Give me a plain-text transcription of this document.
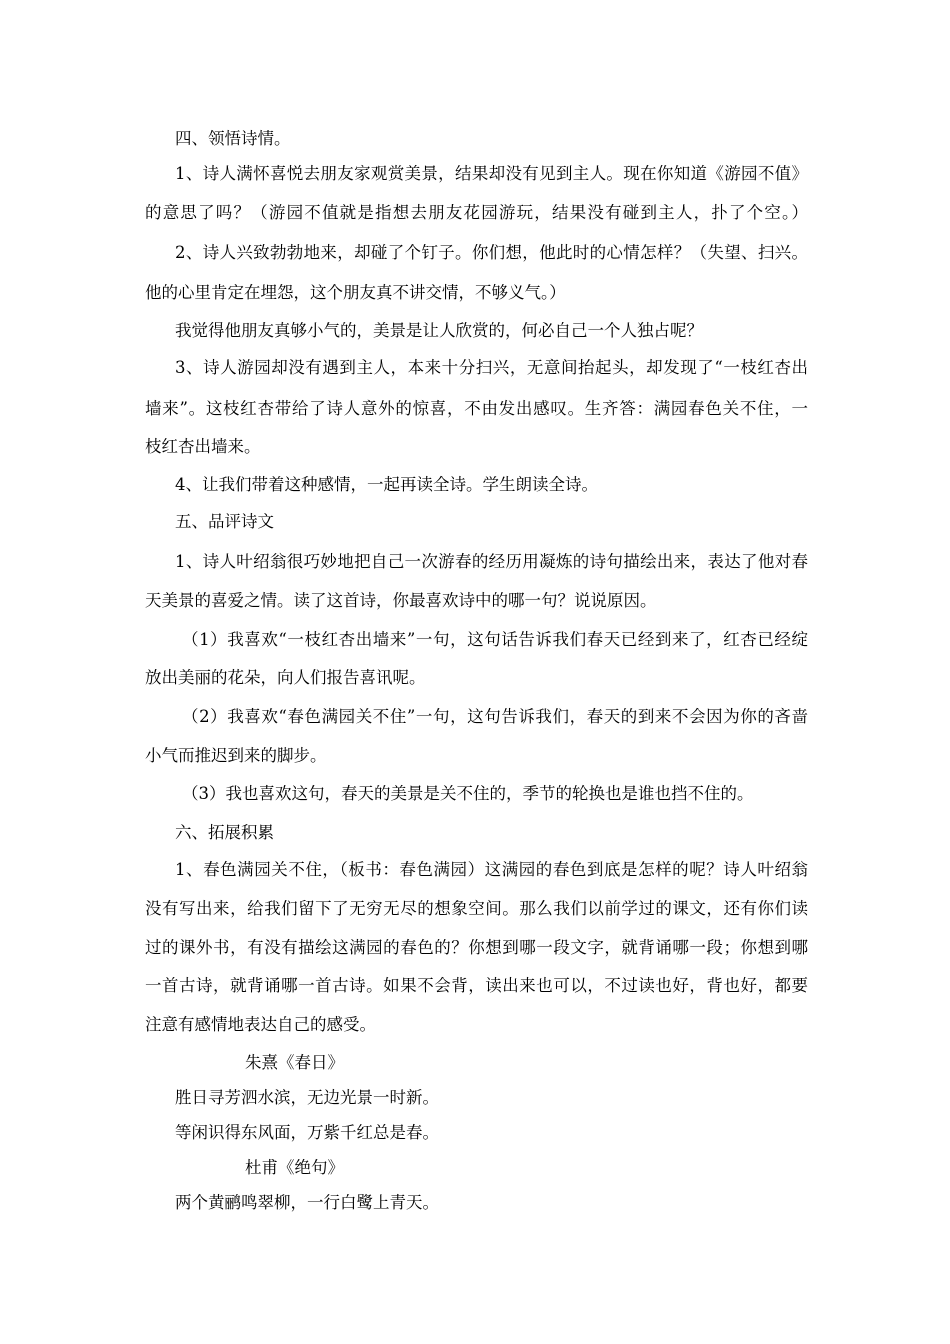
四、领悟诗情。

1、诗人满怀喜悦去朋友家观赏美景，结果却没有见到主人。现在你知道《游园不值》

的意思了吗？（游园不值就是指想去朋友花园游玩，结果没有碰到主人，扑了个空。）

2、诗人兴致勃勃地来，却碰了个钉子。你们想，他此时的心情怎样？（失望、扫兴。

他的心里肯定在埋怨，这个朋友真不讲交情，不够义气。）

我觉得他朋友真够小气的，美景是让人欣赏的，何必自己一个人独占呢？

3、诗人游园却没有遇到主人，本来十分扫兴，无意间抬起头，却发现了“一枝红杏出

墙来”。这枝红杏带给了诗人意外的惊喜，不由发出感叹。生齐答：满园春色关不住，一

枝红杏出墙来。

4、让我们带着这种感情，一起再读全诗。学生朗读全诗。

五、品评诗文

1、诗人叶绍翁很巧妙地把自己一次游春的经历用凝炼的诗句描绘出来，表达了他对春

天美景的喜爱之情。读了这首诗，你最喜欢诗中的哪一句？说说原因。

（1）我喜欢“一枝红杏出墙来”一句，这句话告诉我们春天已经到来了，红杏已经绽

放出美丽的花朵，向人们报告喜讯呢。

（2）我喜欢“春色满园关不住”一句，这句告诉我们，春天的到来不会因为你的吝啬

小气而推迟到来的脚步。

（3）我也喜欢这句，春天的美景是关不住的，季节的轮换也是谁也挡不住的。

六、拓展积累

1、春色满园关不住，（板书：春色满园）这满园的春色到底是怎样的呢？诗人叶绍翁

没有写出来，给我们留下了无穷无尽的想象空间。那么我们以前学过的课文，还有你们读

过的课外书，有没有描绘这满园的春色的？你想到哪一段文字，就背诵哪一段；你想到哪

一首古诗，就背诵哪一首古诗。如果不会背，读出来也可以，不过读也好，背也好，都要

注意有感情地表达自己的感受。

朱熹《春日》

胜日寻芳泗水滨，无边光景一时新。

等闲识得东风面，万紫千红总是春。

杜甫《绝句》

两个黄鹂鸣翠柳，一行白鹭上青天。
